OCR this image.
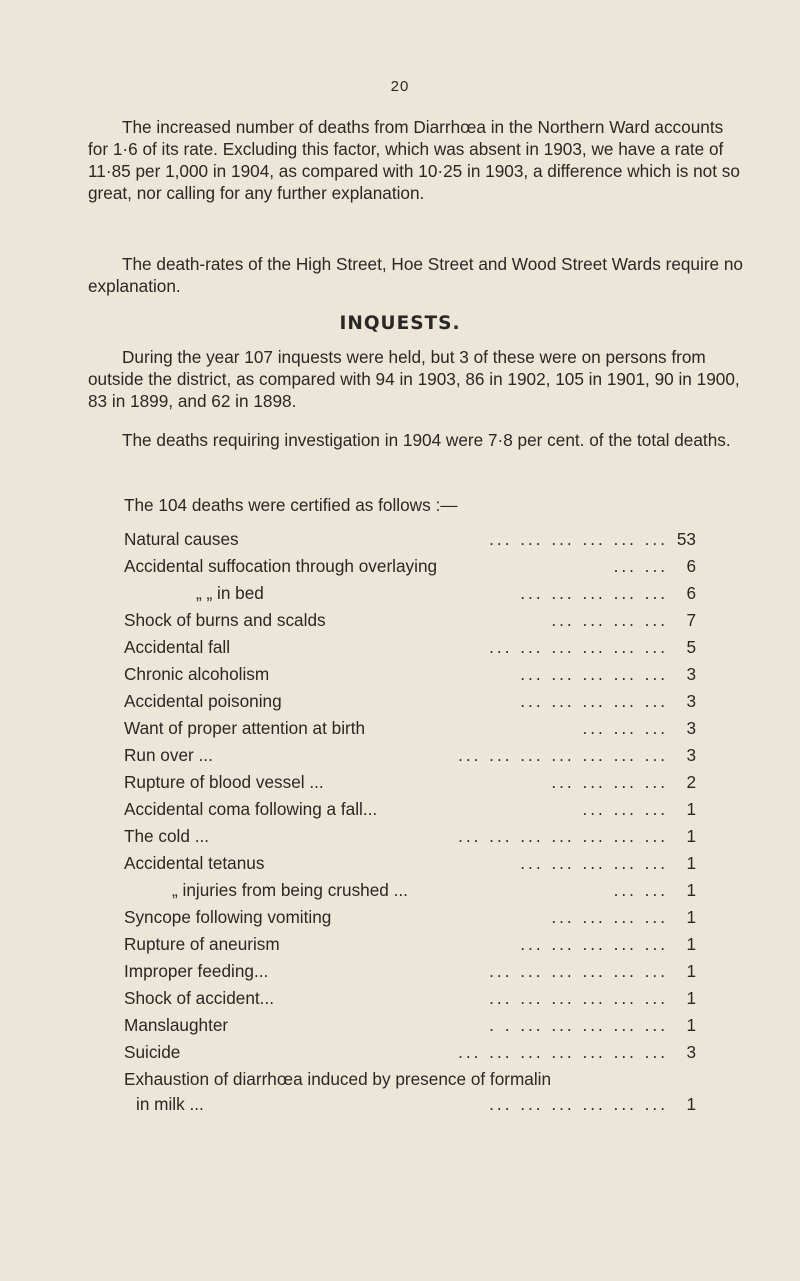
20

The increased number of deaths from Diarrhœa in the Northern Ward accounts for 1·6 of its rate. Excluding this factor, which was absent in 1903, we have a rate of 11·85 per 1,000 in 1904, as compared with 10·25 in 1903, a difference which is not so great, nor calling for any further explanation.

The death-rates of the High Street, Hoe Street and Wood Street Wards require no explanation.

INQUESTS.

During the year 107 inquests were held, but 3 of these were on persons from outside the district, as compared with 94 in 1903, 86 in 1902, 105 in 1901, 90 in 1900, 83 in 1899, and 62 in 1898.

The deaths requiring investigation in 1904 were 7·8 per cent. of the total deaths.

The 104 deaths were certified as follows :—
Natural causes	... ... ... ... ... ... 53
Accidental suffocation through overlaying	... ...	6
„ „ in bed	... ... ... ... ...	6
Shock of burns and scalds	... ... ... ...	7
Accidental fall	... ... ... ... ... ...	5
Chronic alcoholism	... ... ... ... ...	3
Accidental poisoning	... ... ... ... ...	3
Want of proper attention at birth	... ... ...	3
Run over ...	... ... ... ... ... ... ...	3
Rupture of blood vessel ...	... ... ... ...	2
Accidental coma following a fall...	... ... ...	1
The cold ...	... ... ... ... ... ... ...	1
Accidental tetanus	... ... ... ... ...	1
„ injuries from being crushed ...	... ...	1
Syncope following vomiting	... ... ... ...	1
Rupture of aneurism	... ... ... ... ...	1
Improper feeding...	... ... ... ... ... ...	1
Shock of accident...	... ... ... ... ... ...	1
Manslaughter	. . ... ... ... ... ...	1
Suicide	... ... ... ... ... ... ...	3
Exhaustion of diarrhœa induced by presence of formalin
in milk ...	... ... ... ... ... ...	1
